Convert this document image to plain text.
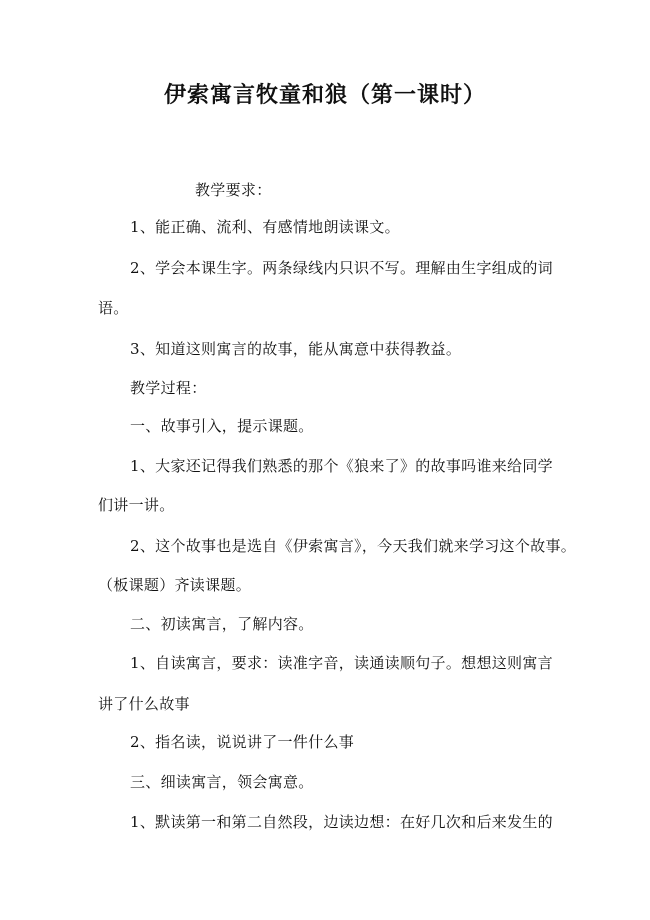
伊索寓言牧童和狼（第一课时）
教学要求：
1、能正确、流利、有感情地朗读课文。
2、学会本课生字。两条绿线内只识不写。理解由生字组成的词
语。
3、知道这则寓言的故事，能从寓意中获得教益。
教学过程：
一、故事引入，提示课题。
1、大家还记得我们熟悉的那个《狼来了》的故事吗谁来给同学
们讲一讲。
2、这个故事也是选自《伊索寓言》，今天我们就来学习这个故事。
（板课题）齐读课题。
二、初读寓言，了解内容。
1、自读寓言，要求：读准字音，读通读顺句子。想想这则寓言
讲了什么故事
2、指名读，说说讲了一件什么事
三、细读寓言，领会寓意。
1、默读第一和第二自然段，边读边想：在好几次和后来发生的
